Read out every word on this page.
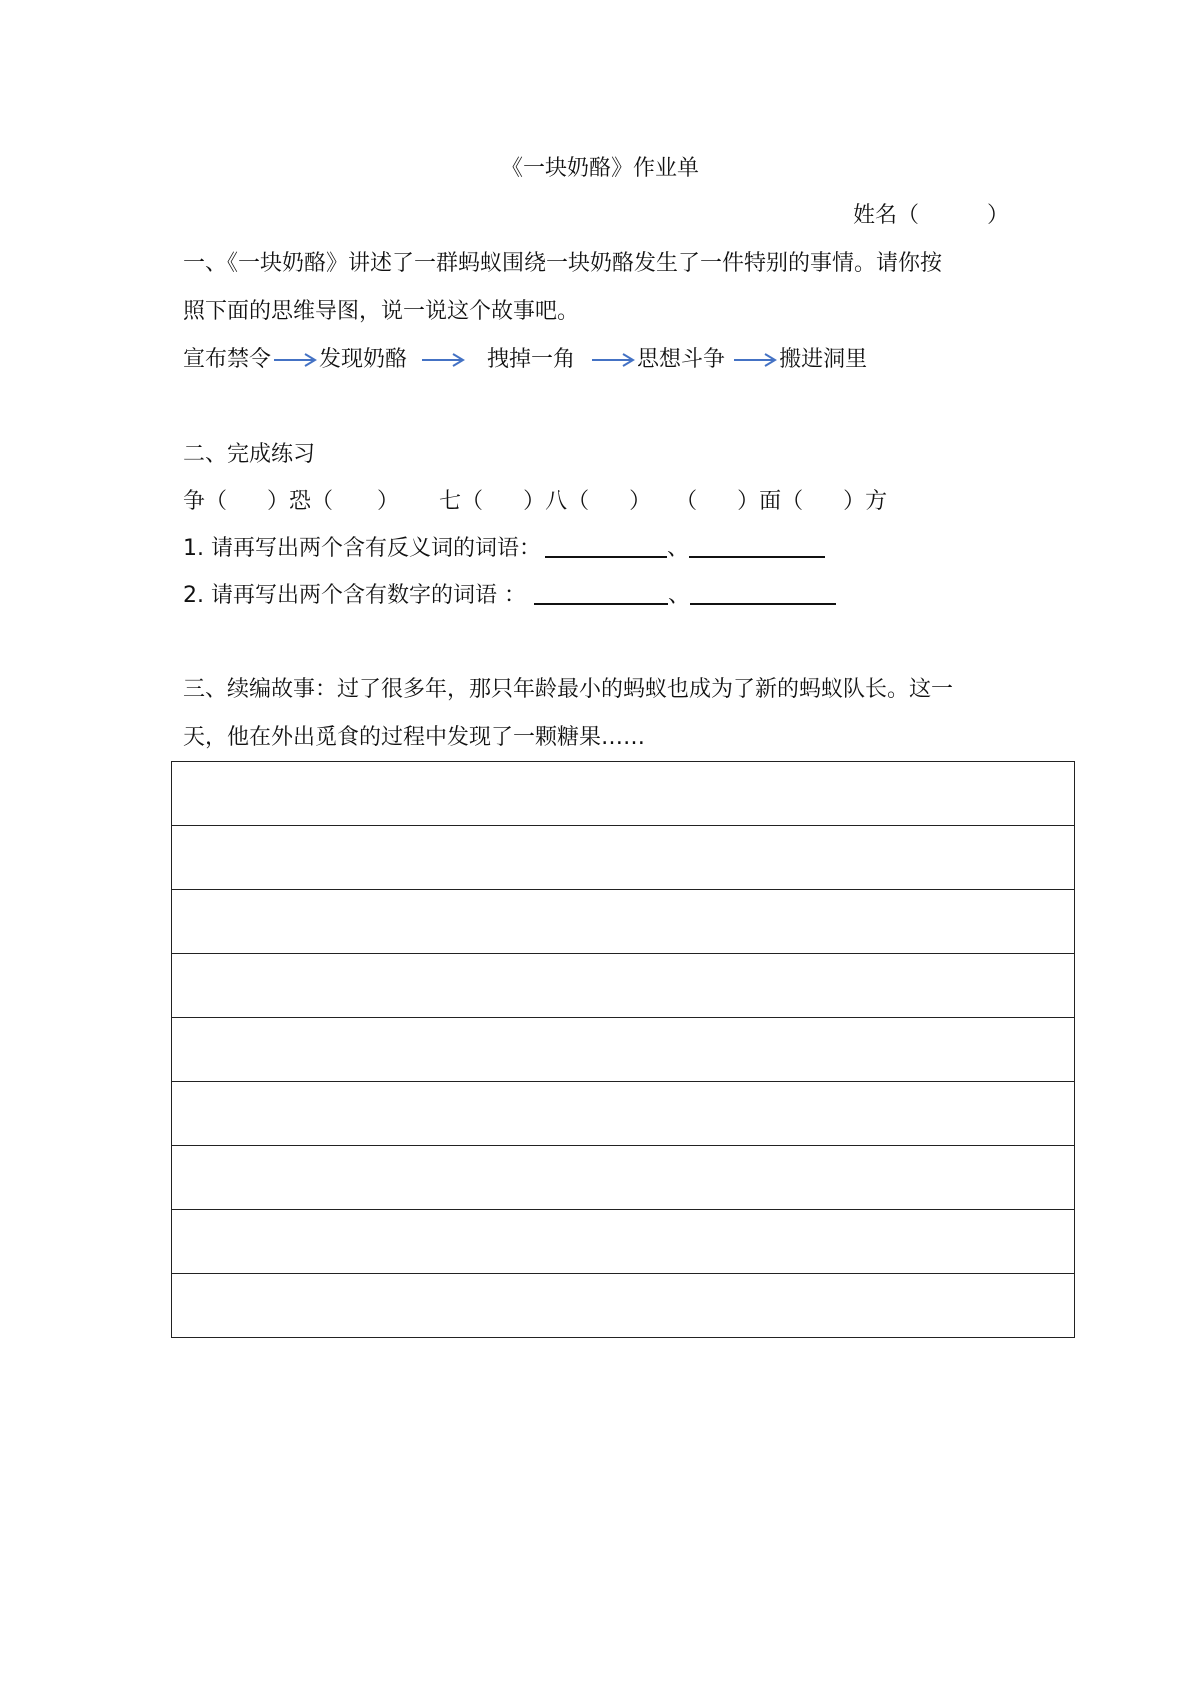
《一块奶酪》作业单
姓名（	）
一、《一块奶酪》讲述了一群蚂蚁围绕一块奶酪发生了一件特别的事情。请你按
照下面的思维导图，说一说这个故事吧。
宣布禁令 发现奶酪	拽掉一角	思想斗争 搬进洞里
二、完成练习
争（ ）恐（ ） 七（ ）八（ ） （ ）面（ ）方
1. 请再写出两个含有反义词的词语：	、
2. 请再写出两个含有数字的词语 ：	、
三、续编故事：过了很多年，那只年龄最小的蚂蚁也成为了新的蚂蚁队长。这一
天，他在外出觅食的过程中发现了一颗糖果……
